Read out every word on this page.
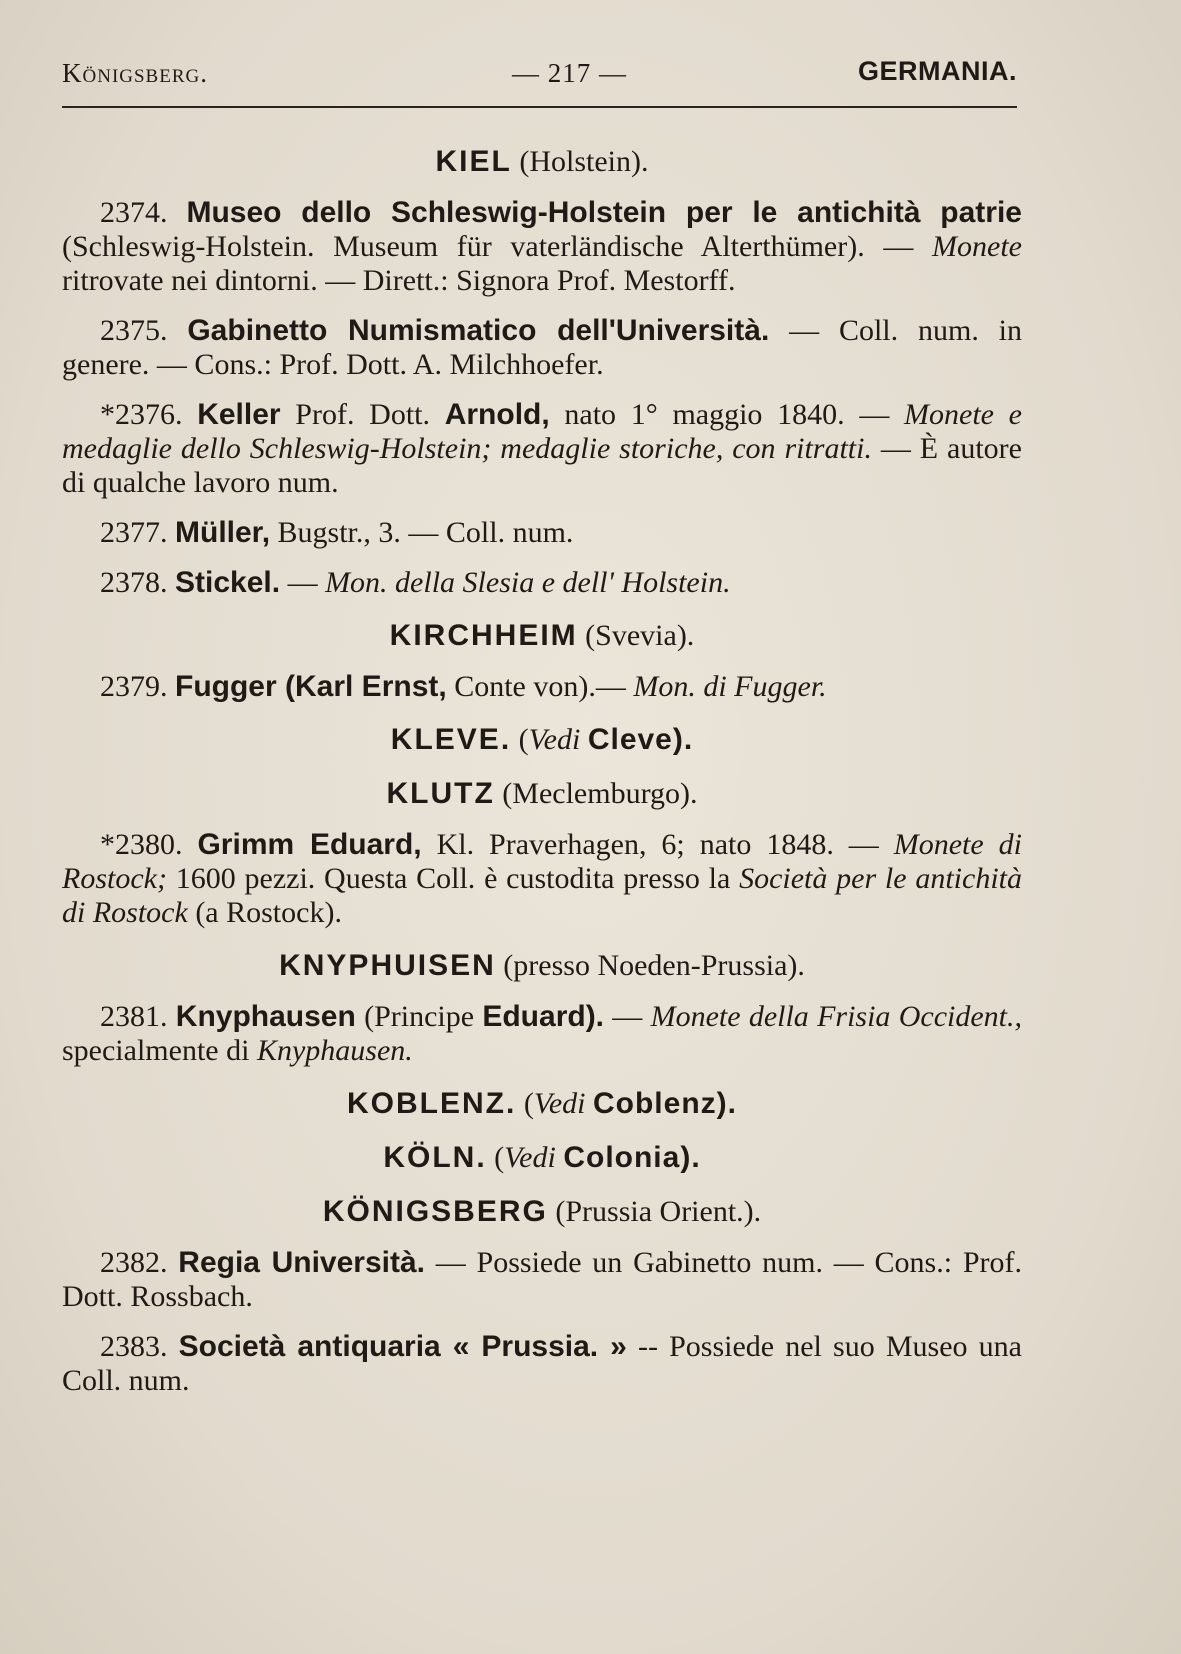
Königsberg.	— 217 —	GERMANIA.
KIEL (Holstein).

2374. Museo dello Schleswig-Holstein per le antichità patrie (Schleswig-Holstein. Museum für vaterländische Alterthümer). — Monete ritrovate nei dintorni. — Dirett.: Signora Prof. Mestorff.

2375. Gabinetto Numismatico dell'Università. — Coll. num. in genere. — Cons.: Prof. Dott. A. Milchhoefer.

*2376. Keller Prof. Dott. Arnold, nato 1° maggio 1840. — Monete e medaglie dello Schleswig-Holstein; medaglie storiche, con ritratti. — È autore di qualche lavoro num.

2377. Müller, Bugstr., 3. — Coll. num.

2378. Stickel. — Mon. della Slesia e dell' Holstein.

KIRCHHEIM (Svevia).

2379. Fugger (Karl Ernst, Conte von).— Mon. di Fugger.

KLEVE. (Vedi Cleve).
KLUTZ (Meclemburgo).

*2380. Grimm Eduard, Kl. Praverhagen, 6; nato 1848. — Monete di Rostock; 1600 pezzi. Questa Coll. è custodita presso la Società per le antichità di Rostock (a Rostock).

KNYPHUISEN (presso Noeden-Prussia).

2381. Knyphausen (Principe Eduard). — Monete della Frisia Occident., specialmente di Knyphausen.

KOBLENZ. (Vedi Coblenz).
KÖLN. (Vedi Colonia).
KÖNIGSBERG (Prussia Orient.).

2382. Regia Università. — Possiede un Gabinetto num. — Cons.: Prof. Dott. Rossbach.

2383. Società antiquaria « Prussia. » -- Possiede nel suo Museo una Coll. num.
